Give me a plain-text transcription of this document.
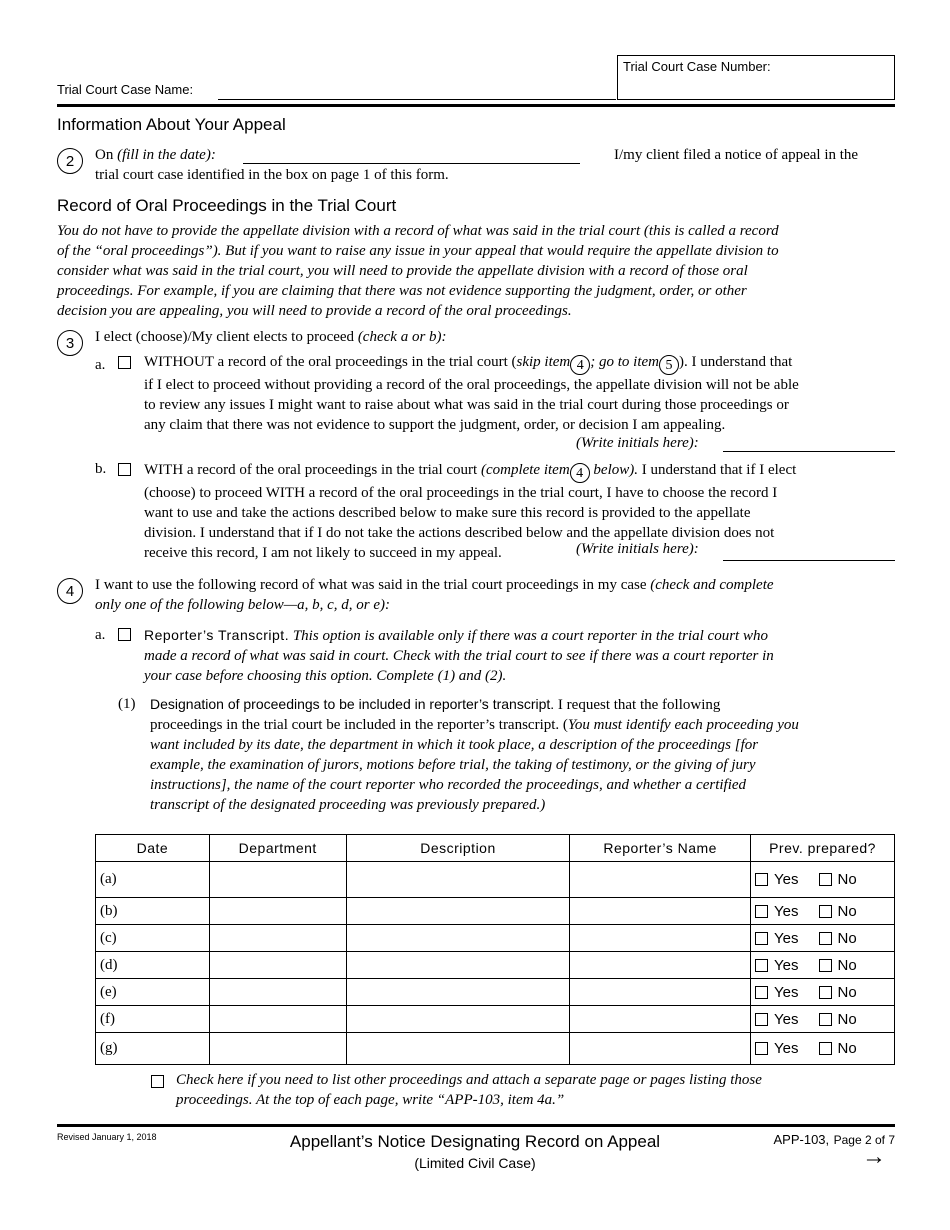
Trial Court Case Name:
Trial Court Case Number:
Information About Your Appeal
2	On (fill in the date):	I/my client filed a notice of appeal in the
trial court case identified in the box on page 1 of this form.
Record of Oral Proceedings in the Trial Court
You do not have to provide the appellate division with a record of what was said in the trial court (this is called a record
of the “oral proceedings”). But if you want to raise any issue in your appeal that would require the appellate division to
consider what was said in the trial court, you will need to provide the appellate division with a record of those oral
proceedings. For example, if you are claiming that there was not evidence supporting the judgment, order, or other
decision you are appealing, you will need to provide a record of the oral proceedings.
3	I elect (choose)/My client elects to proceed (check a or b):
a.	WITHOUT a record of the oral proceedings in the trial court (skip item 4 ; go to item 5 ). I understand that
if I elect to proceed without providing a record of the oral proceedings, the appellate division will not be able
to review any issues I might want to raise about what was said in the trial court during those proceedings or
any claim that there was not evidence to support the judgment, order, or decision I am appealing.
(Write initials here):
b.	WITH a record of the oral proceedings in the trial court (complete item 4 below). I understand that if I elect
(choose) to proceed WITH a record of the oral proceedings in the trial court, I have to choose the record I
want to use and take the actions described below to make sure this record is provided to the appellate
division. I understand that if I do not take the actions described below and the appellate division does not
receive this record, I am not likely to succeed in my appeal.	(Write initials here):
4	I want to use the following record of what was said in the trial court proceedings in my case (check and complete
only one of the following below—a, b, c, d, or e):
a.	Reporter’s Transcript. This option is available only if there was a court reporter in the trial court who
made a record of what was said in court. Check with the trial court to see if there was a court reporter in
your case before choosing this option. Complete (1) and (2).
(1) Designation of proceedings to be included in reporter’s transcript. I request that the following
proceedings in the trial court be included in the reporter’s transcript. (You must identify each proceeding you
want included by its date, the department in which it took place, a description of the proceedings [for
example, the examination of jurors, motions before trial, the taking of testimony, or the giving of jury
instructions], the name of the court reporter who recorded the proceedings, and whether a certified
transcript of the designated proceeding was previously prepared.)
Date	Department	Description	Reporter’s Name	Prev. prepared?
(a)				Yes No

(b)				Yes No

(c)				Yes No

(d)				Yes No

(e)				Yes No

(f)				Yes No

(g)				Yes No
Check here if you need to list other proceedings and attach a separate page or pages listing those
proceedings. At the top of each page, write “APP-103, item 4a.”
Revised January 1, 2018	Appellant’s Notice Designating Record on Appeal
(Limited Civil Case)
APP-103, Page 2 of 7
→
